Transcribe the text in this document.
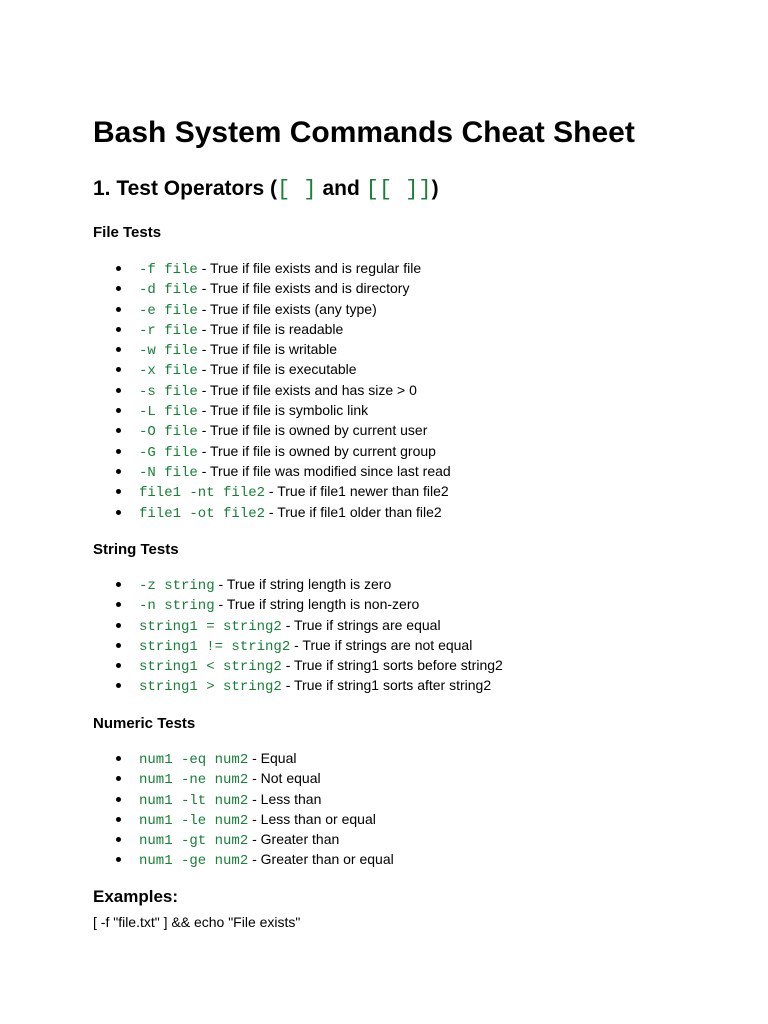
Bash System Commands Cheat Sheet
1. Test Operators ([ ] and [[ ]])
File Tests
-f file - True if file exists and is regular file
-d file - True if file exists and is directory
-e file - True if file exists (any type)
-r file - True if file is readable
-w file - True if file is writable
-x file - True if file is executable
-s file - True if file exists and has size > 0
-L file - True if file is symbolic link
-O file - True if file is owned by current user
-G file - True if file is owned by current group
-N file - True if file was modified since last read
file1 -nt file2 - True if file1 newer than file2
file1 -ot file2 - True if file1 older than file2
String Tests
-z string - True if string length is zero
-n string - True if string length is non-zero
string1 = string2 - True if strings are equal
string1 != string2 - True if strings are not equal
string1 < string2 - True if string1 sorts before string2
string1 > string2 - True if string1 sorts after string2
Numeric Tests
num1 -eq num2 - Equal
num1 -ne num2 - Not equal
num1 -lt num2 - Less than
num1 -le num2 - Less than or equal
num1 -gt num2 - Greater than
num1 -ge num2 - Greater than or equal
Examples:

[ -f "file.txt" ] && echo "File exists"
